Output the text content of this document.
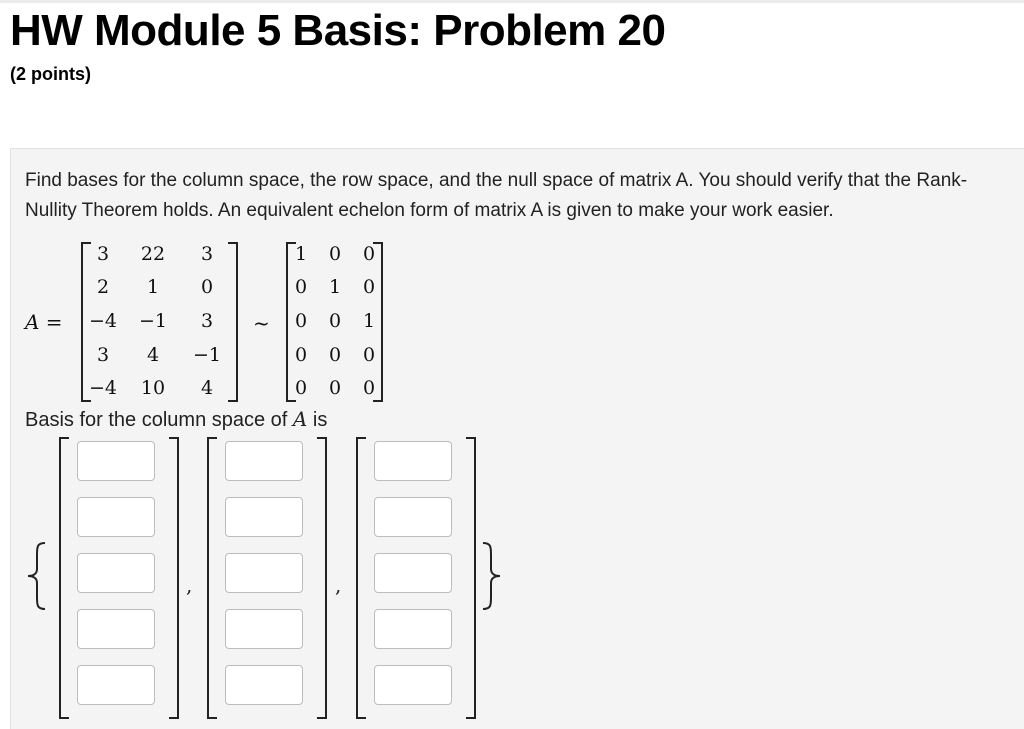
HW Module 5 Basis: Problem 20
(2 points)
Find bases for the column space, the row space, and the null space of matrix A. You should verify that the Rank-Nullity Theorem holds. An equivalent echelon form of matrix A is given to make your work easier.
A =
3	22	3
2	1	0
−4	−1	3
3	4	−1
−4	10	4
~
1	0	0
0	1	0
0	0	1
0	0	0
0	0	0
Basis for the column space of A is
,	,
